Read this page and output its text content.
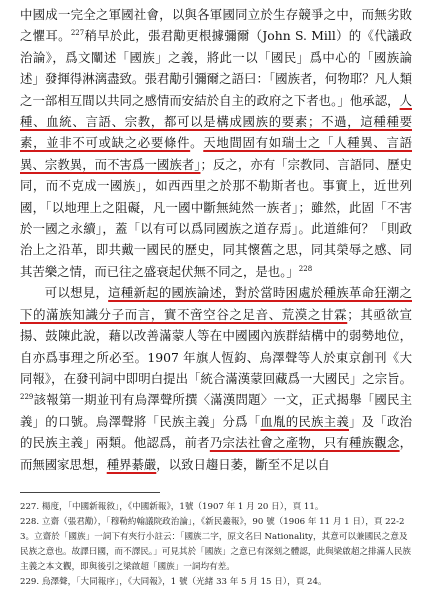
中國成一完全之軍國社會，以與各軍國同立於生存競爭之中，而無劣敗之懼耳。$^{227}$稍早於此，張君勱更根據彌爾（John S. Mill）的《代議政治論》，爲文闡述「國族」之義，將此一以「國民」爲中心的「國族論述」發揮得淋漓盡致。張君勱引彌爾之語曰：「國族者，何物耶？凡人類之一部相互間以共同之感情而安結於自主的政府之下者也。」他承認，人種、血統、言語、宗教，都可以是構成國族的要素；不過，這種種要素，並非不可或缺之必要條件。天地間固有如瑞士之「人種異、言語異、宗教異，而不害爲一國族者」；反之，亦有「宗教同、言語同、歷史同，而不克成一國族」，如西西里之於那不勒斯者也。事實上，近世列國，「以地理上之阻礙，凡一國中斷無純然一族者」；雖然，此固「不害於一國之永續」，蓋「以有可以爲同國族之道存焉」。此道維何？「則政治上之沿革，即共戴一國民的歷史，同其懷舊之思，同其榮辱之感、同其苦樂之情，而已往之盛衰起伏無不同之，是也。」$^{228}$

可以想見，這種新起的國族論述，對於當時困處於種族革命狂潮之下的滿族知識分子而言，實不啻空谷之足音、荒漠之甘霖；其亟欲宣揚、鼓陳此說，藉以改善滿蒙人等在中國國內族群結構中的弱勢地位，自亦爲事理之所必至。1907 年旗人恆鈞、烏澤聲等人於東京創刊《大同報》，在發刊詞中即明白提出「統合滿漢蒙回藏爲一大國民」之宗旨。$^{229}$該報第一期並刊有烏澤聲所撰〈滿漢問題〉一文，正式揭舉「國民主義」的口號。烏澤聲將「民族主義」分爲「血胤的民族主義」及「政治的民族主義」兩類。他認爲，前者乃宗法社會之產物，只有種族觀念，而無國家思想，種界綦嚴，以致日趨日萎，斷至不足以自

227. 楊度，「中國新報敘」，《中國新報》，1號（1907 年 1 月 20 日），頁 11。

228. 立齋（張君勱），「穆勒約翰議院政治論」，《新民叢報》，90 號（1906 年 11 月 1 日），頁 22-23。立齋於「國族」一詞下有夾行小註云：「國族二字，原文名曰 Nationality，其意可以兼國民之意及民族之意也。故譯曰國，而不譯民。」可見其於「國族」之意已有深刻之體認，此與梁啟超之排滿人民族主義之本文觀，即與後引之梁啟超「國族」一詞均有差。

229. 烏澤聲，「大同報序」，《大同報》，1 號（光緒 33 年 5 月 15 日），頁 24。
